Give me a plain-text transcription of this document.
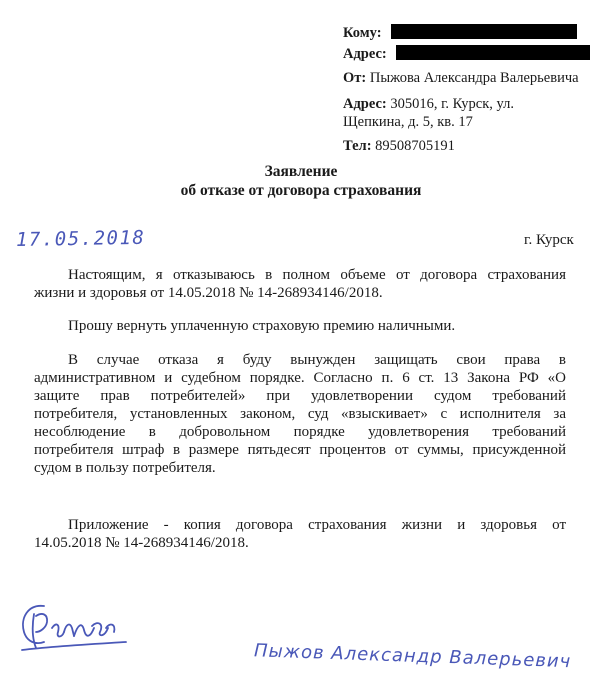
Кому:
Адрес:
От: Пыжова Александра Валерьевича
Адрес: 305016, г. Курск, ул.
Щепкина, д. 5, кв. 17
Тел: 89508705191
Заявление
об отказе от договора страхования
17.05.2018	г. Курск
Настоящим, я отказываюсь в полном объеме от договора страхования
жизни и здоровья от 14.05.2018 № 14-268934146/2018.
Прошу вернуть уплаченную страховую премию наличными.
В случае отказа я буду вынужден защищать свои права в
административном и судебном порядке. Согласно п. 6 ст. 13 Закона РФ «О
защите прав потребителей» при удовлетворении судом требований
потребителя, установленных законом, суд «взыскивает» с исполнителя за
несоблюдение в добровольном порядке удовлетворения требований
потребителя штраф в размере пятьдесят процентов от суммы, присужденной
судом в пользу потребителя.
Приложение - копия договора страхования жизни и здоровья от
14.05.2018 № 14-268934146/2018.
Пыжов Александр Валерьевич
